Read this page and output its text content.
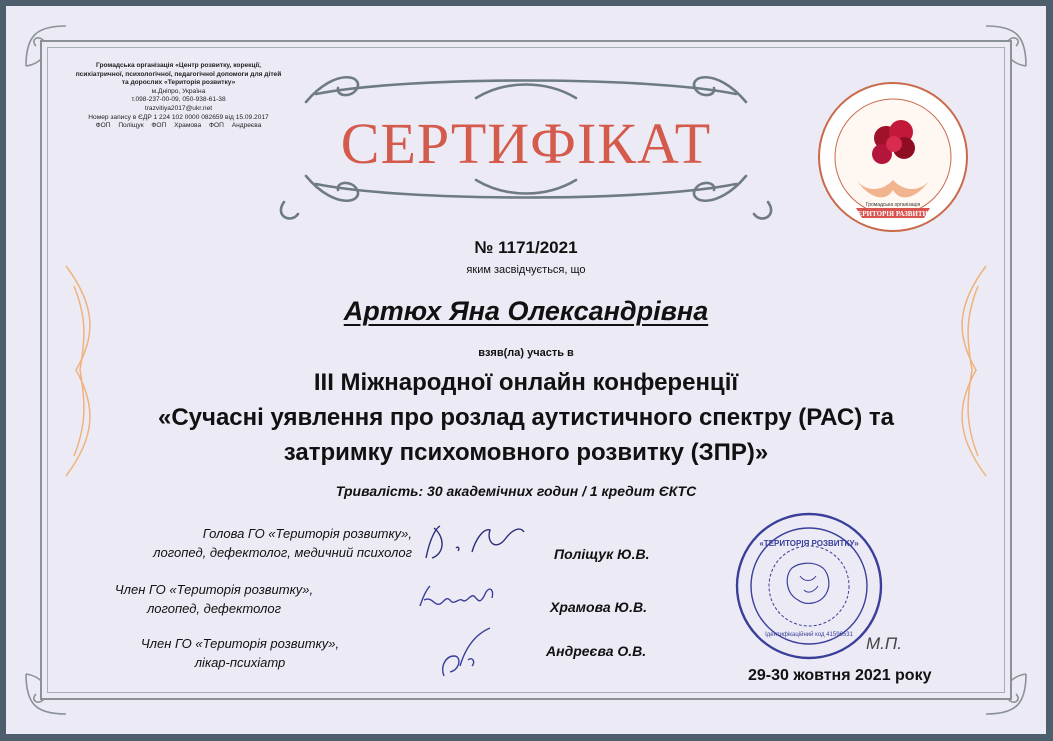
Громадська організація «Центр розвитку, корекції,
психіатричної, психологічної, педагогічної допомоги для дітей
та дорослих «Територія розвитку»
м.Дніпро, Україна
т.098-237-00-09, 050-938-61-38
trazvitiya2017@ukr.net
Номер запису в ЄДР 1 224 102 0000 082659 від 15.09.2017
ФОП Поліщук ФОП Храмова ФОП Андреєва
ТЕРИТОРІЯ РАЗВИТИЯ
Громадська організація
СЕРТИФІКАТ
№ 1171/2021
яким засвідчується, що
Артюх Яна Олександрівна
взяв(ла) участь в
ІІІ Міжнародної онлайн конференції
«Сучасні уявлення про розлад аутистичного спектру (РАС) та
затримку психомовного розвитку (ЗПР)»
Тривалість: 30 академічних годин / 1 кредит ЄКТС
Голова ГО «Територія розвитку»,
логопед, дефектолог, медичний психолог	Поліщук Ю.В.
Член ГО «Територія розвитку»,
логопед, дефектолог	Храмова Ю.В.
Член ГО «Територія розвитку»,
лікар-психіатр
Андреєва О.В.
«ТЕРИТОРІЯ РОЗВИТКУ»
Ідентифікаційний код 41596531 М.П.
29-30 жовтня 2021 року
